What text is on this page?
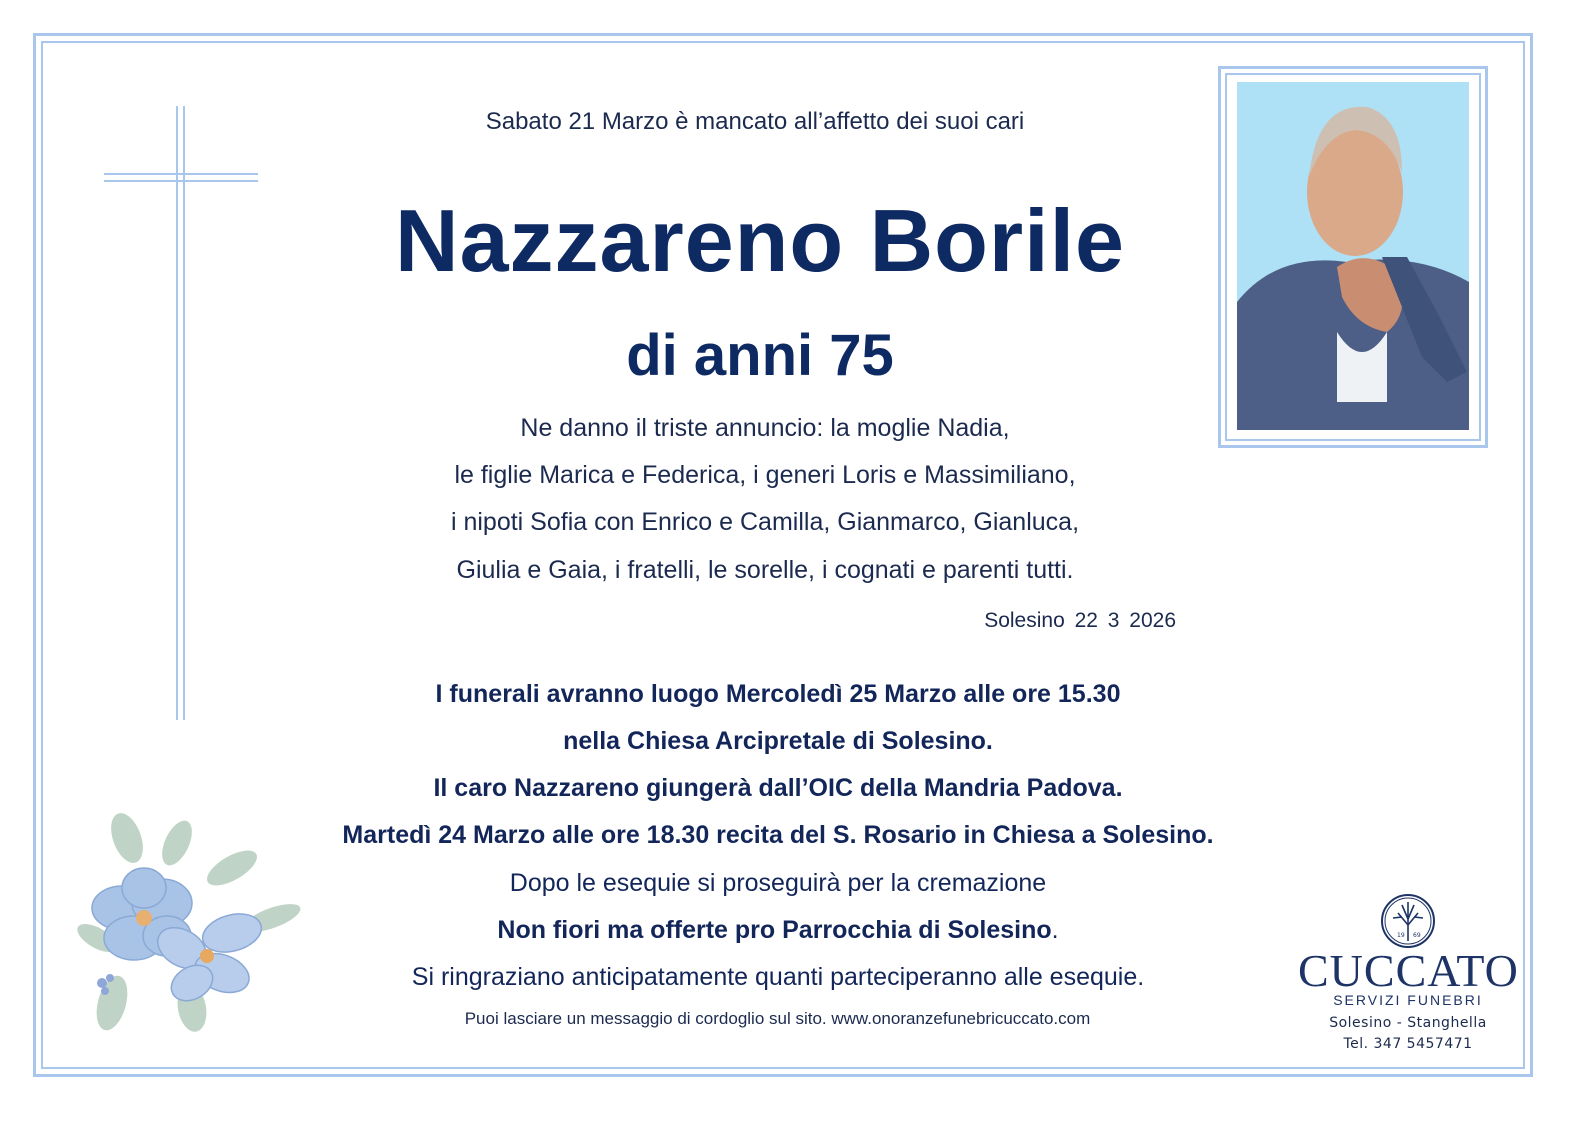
Sabato 21 Marzo è mancato all’affetto dei suoi cari
Nazzareno Borile
di anni 75
Ne danno il triste annuncio: la moglie Nadia,
le figlie Marica e Federica, i generi Loris e Massimiliano,
i nipoti Sofia con Enrico e Camilla, Gianmarco, Gianluca,
Giulia e Gaia, i fratelli, le sorelle, i cognati e parenti tutti.
Solesino 22 3 2026
I funerali avranno luogo Mercoledì 25 Marzo alle ore 15.30
nella Chiesa Arcipretale di Solesino.
Il caro Nazzareno giungerà dall’OIC della Mandria Padova.
Martedì 24 Marzo alle ore 18.30 recita del S. Rosario in Chiesa a Solesino.
Dopo le esequie si proseguirà per la cremazione
Non fiori ma offerte pro Parrocchia di Solesino.
Si ringraziano anticipatamente quanti parteciperanno alle esequie.
Puoi lasciare un messaggio di cordoglio sul sito. www.onoranzefunebricuccato.com
19 69
CUCCATO
SERVIZI FUNEBRI
Solesino - Stanghella
Tel. 347 5457471
